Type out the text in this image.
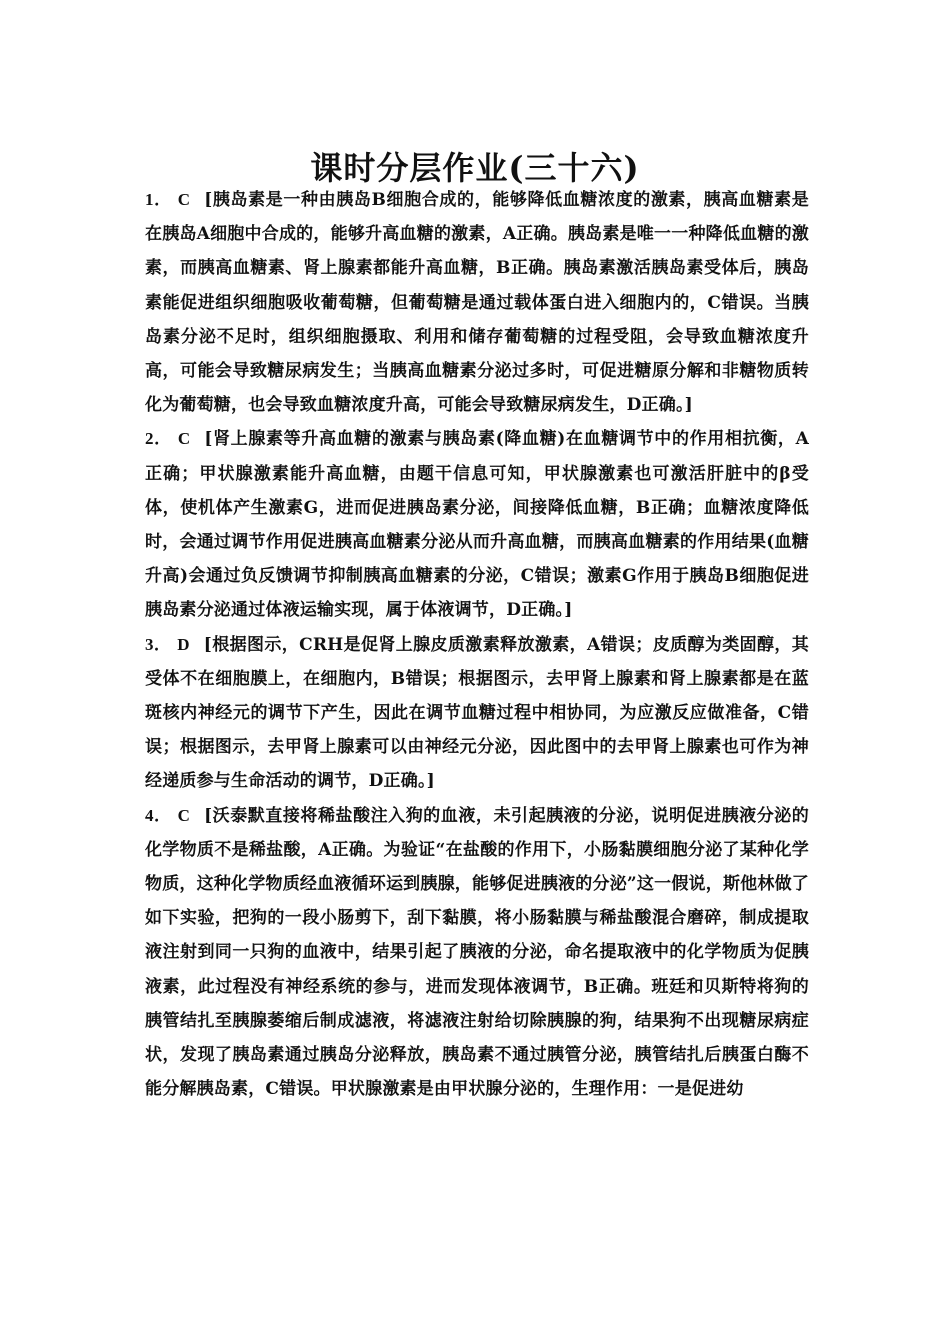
课时分层作业(三十六)

1． C [胰岛素是一种由胰岛B细胞合成的，能够降低血糖浓度的激素，胰高血糖素是在胰岛A细胞中合成的，能够升高血糖的激素，A正确。胰岛素是唯一一种降低血糖的激素，而胰高血糖素、肾上腺素都能升高血糖，B正确。胰岛素激活胰岛素受体后，胰岛素能促进组织细胞吸收葡萄糖，但葡萄糖是通过载体蛋白进入细胞内的，C错误。当胰岛素分泌不足时，组织细胞摄取、利用和储存葡萄糖的过程受阻，会导致血糖浓度升高，可能会导致糖尿病发生；当胰高血糖素分泌过多时，可促进糖原分解和非糖物质转化为葡萄糖，也会导致血糖浓度升高，可能会导致糖尿病发生，D正确。]

2． C [肾上腺素等升高血糖的激素与胰岛素(降血糖)在血糖调节中的作用相抗衡，A正确；甲状腺激素能升高血糖，由题干信息可知，甲状腺激素也可激活肝脏中的β受体，使机体产生激素G，进而促进胰岛素分泌，间接降低血糖，B正确；血糖浓度降低时，会通过调节作用促进胰高血糖素分泌从而升高血糖，而胰高血糖素的作用结果(血糖升高)会通过负反馈调节抑制胰高血糖素的分泌，C错误；激素G作用于胰岛B细胞促进胰岛素分泌通过体液运输实现，属于体液调节，D正确。]

3． D [根据图示，CRH是促肾上腺皮质激素释放激素，A错误；皮质醇为类固醇，其受体不在细胞膜上，在细胞内，B错误；根据图示，去甲肾上腺素和肾上腺素都是在蓝斑核内神经元的调节下产生，因此在调节血糖过程中相协同，为应激反应做准备，C错误；根据图示，去甲肾上腺素可以由神经元分泌，因此图中的去甲肾上腺素也可作为神经递质参与生命活动的调节，D正确。]

4． C [沃泰默直接将稀盐酸注入狗的血液，未引起胰液的分泌，说明促进胰液分泌的化学物质不是稀盐酸，A正确。为验证“在盐酸的作用下，小肠黏膜细胞分泌了某种化学物质，这种化学物质经血液循环运到胰腺，能够促进胰液的分泌”这一假说，斯他林做了如下实验，把狗的一段小肠剪下，刮下黏膜，将小肠黏膜与稀盐酸混合磨碎，制成提取液注射到同一只狗的血液中，结果引起了胰液的分泌，命名提取液中的化学物质为促胰液素，此过程没有神经系统的参与，进而发现体液调节，B正确。班廷和贝斯特将狗的胰管结扎至胰腺萎缩后制成滤液，将滤液注射给切除胰腺的狗，结果狗不出现糖尿病症状，发现了胰岛素通过胰岛分泌释放，胰岛素不通过胰管分泌，胰管结扎后胰蛋白酶不能分解胰岛素，C错误。甲状腺激素是由甲状腺分泌的，生理作用：一是促进幼
